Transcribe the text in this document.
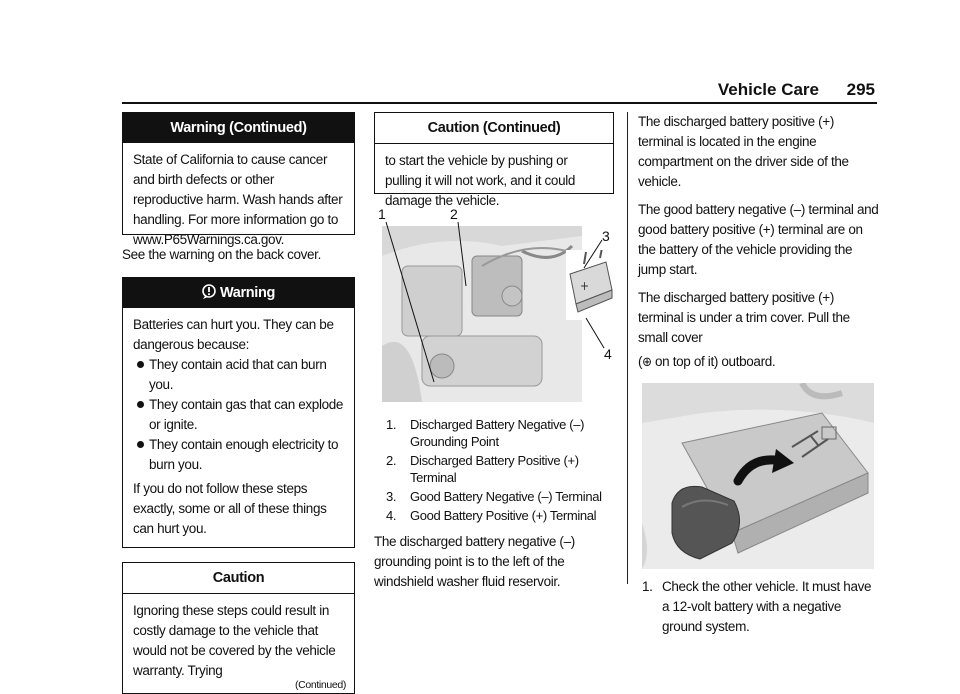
Vehicle Care 295
Warning (Continued)

State of California to cause cancer and birth defects or other reproductive harm. Wash hands after handling. For more information go to www.P65Warnings.ca.gov.

See the warning on the back cover.

Warning

Batteries can hurt you. They can be dangerous because:

They contain acid that can burn you.

They contain gas that can explode or ignite.

They contain enough electricity to burn you.

If you do not follow these steps exactly, some or all of these things can hurt you.

Caution

Ignoring these steps could result in costly damage to the vehicle that would not be covered by the vehicle warranty. Trying

(Continued)
Caution (Continued)

to start the vehicle by pushing or pulling it will not work, and it could damage the vehicle.

1	2
3
4
+
1. Discharged Battery Negative (–) Grounding Point
2. Discharged Battery Positive (+) Terminal
3. Good Battery Negative (–) Terminal
4. Good Battery Positive (+) Terminal

The discharged battery negative (–) grounding point is to the left of the windshield washer fluid reservoir.

The discharged battery positive (+) terminal is located in the engine compartment on the driver side of the vehicle.

The good battery negative (–) terminal and good battery positive (+) terminal are on the battery of the vehicle providing the jump start.

The discharged battery positive (+) terminal is under a trim cover. Pull the small cover

(⊕ on top of it) outboard.

1. Check the other vehicle. It must have a 12-volt battery with a negative ground system.
